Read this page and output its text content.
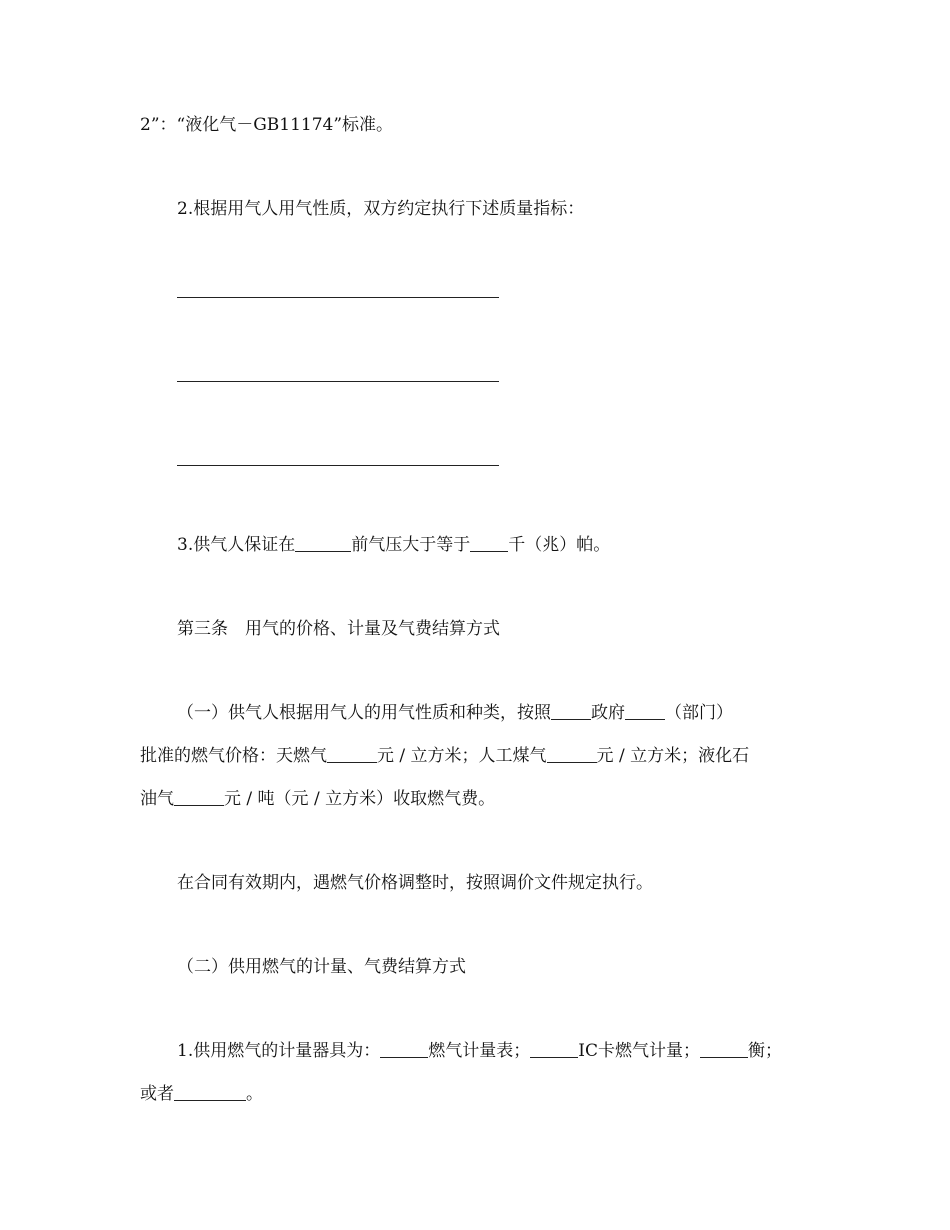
2”：“液化气－GB11174”标准。
2.根据用气人用气性质，双方约定执行下述质量指标：
3.供气人保证在	前气压大于等于 千（兆）帕。
第三条　用气的价格、计量及气费结算方式
（一）供气人根据用气人的用气性质和种类，按照 政府 （部门）
批准的燃气价格：天燃气	元 / 立方米；人工煤气	元 / 立方米；液化石
油气	元 / 吨（元 / 立方米）收取燃气费。
在合同有效期内，遇燃气价格调整时，按照调价文件规定执行。
（二）供用燃气的计量、气费结算方式
1.供用燃气的计量器具为：	燃气计量表；	IC卡燃气计量；	衡；
或者	。
